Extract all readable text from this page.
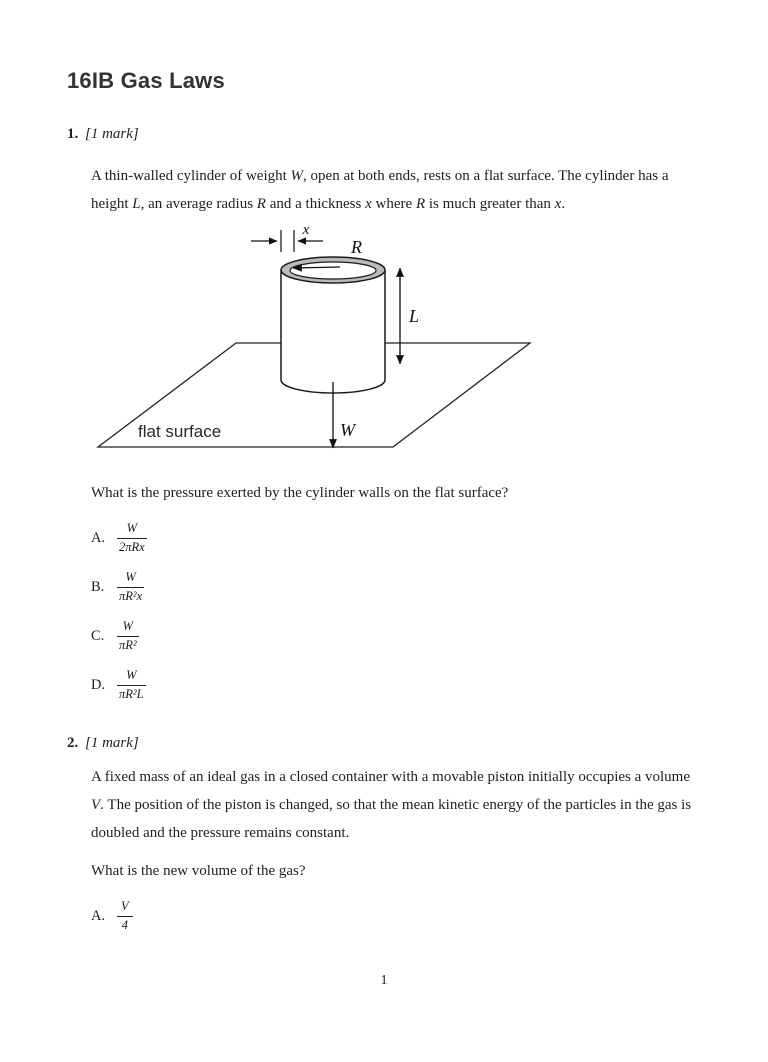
16IB Gas Laws

1. [1 mark]

A thin-walled cylinder of weight W, open at both ends, rests on a flat surface. The cylinder has a height L, an average radius R and a thickness x where R is much greater than x.

x
R
L
W
flat surface

What is the pressure exerted by the cylinder walls on the flat surface?

A. $\frac{W}{\text{2πRx}}$
B.	$\frac{W}{\text{πR²x}}$
C.	$\frac{W}{\text{πR²}}$
D. $\frac{W}{\text{πR²L}}$

2. [1 mark]

A fixed mass of an ideal gas in a closed container with a movable piston initially occupies a volume V. The position of the piston is changed, so that the mean kinetic energy of the particles in the gas is doubled and the pressure remains constant.

What is the new volume of the gas?

A. $\frac{V}{4}$
1
